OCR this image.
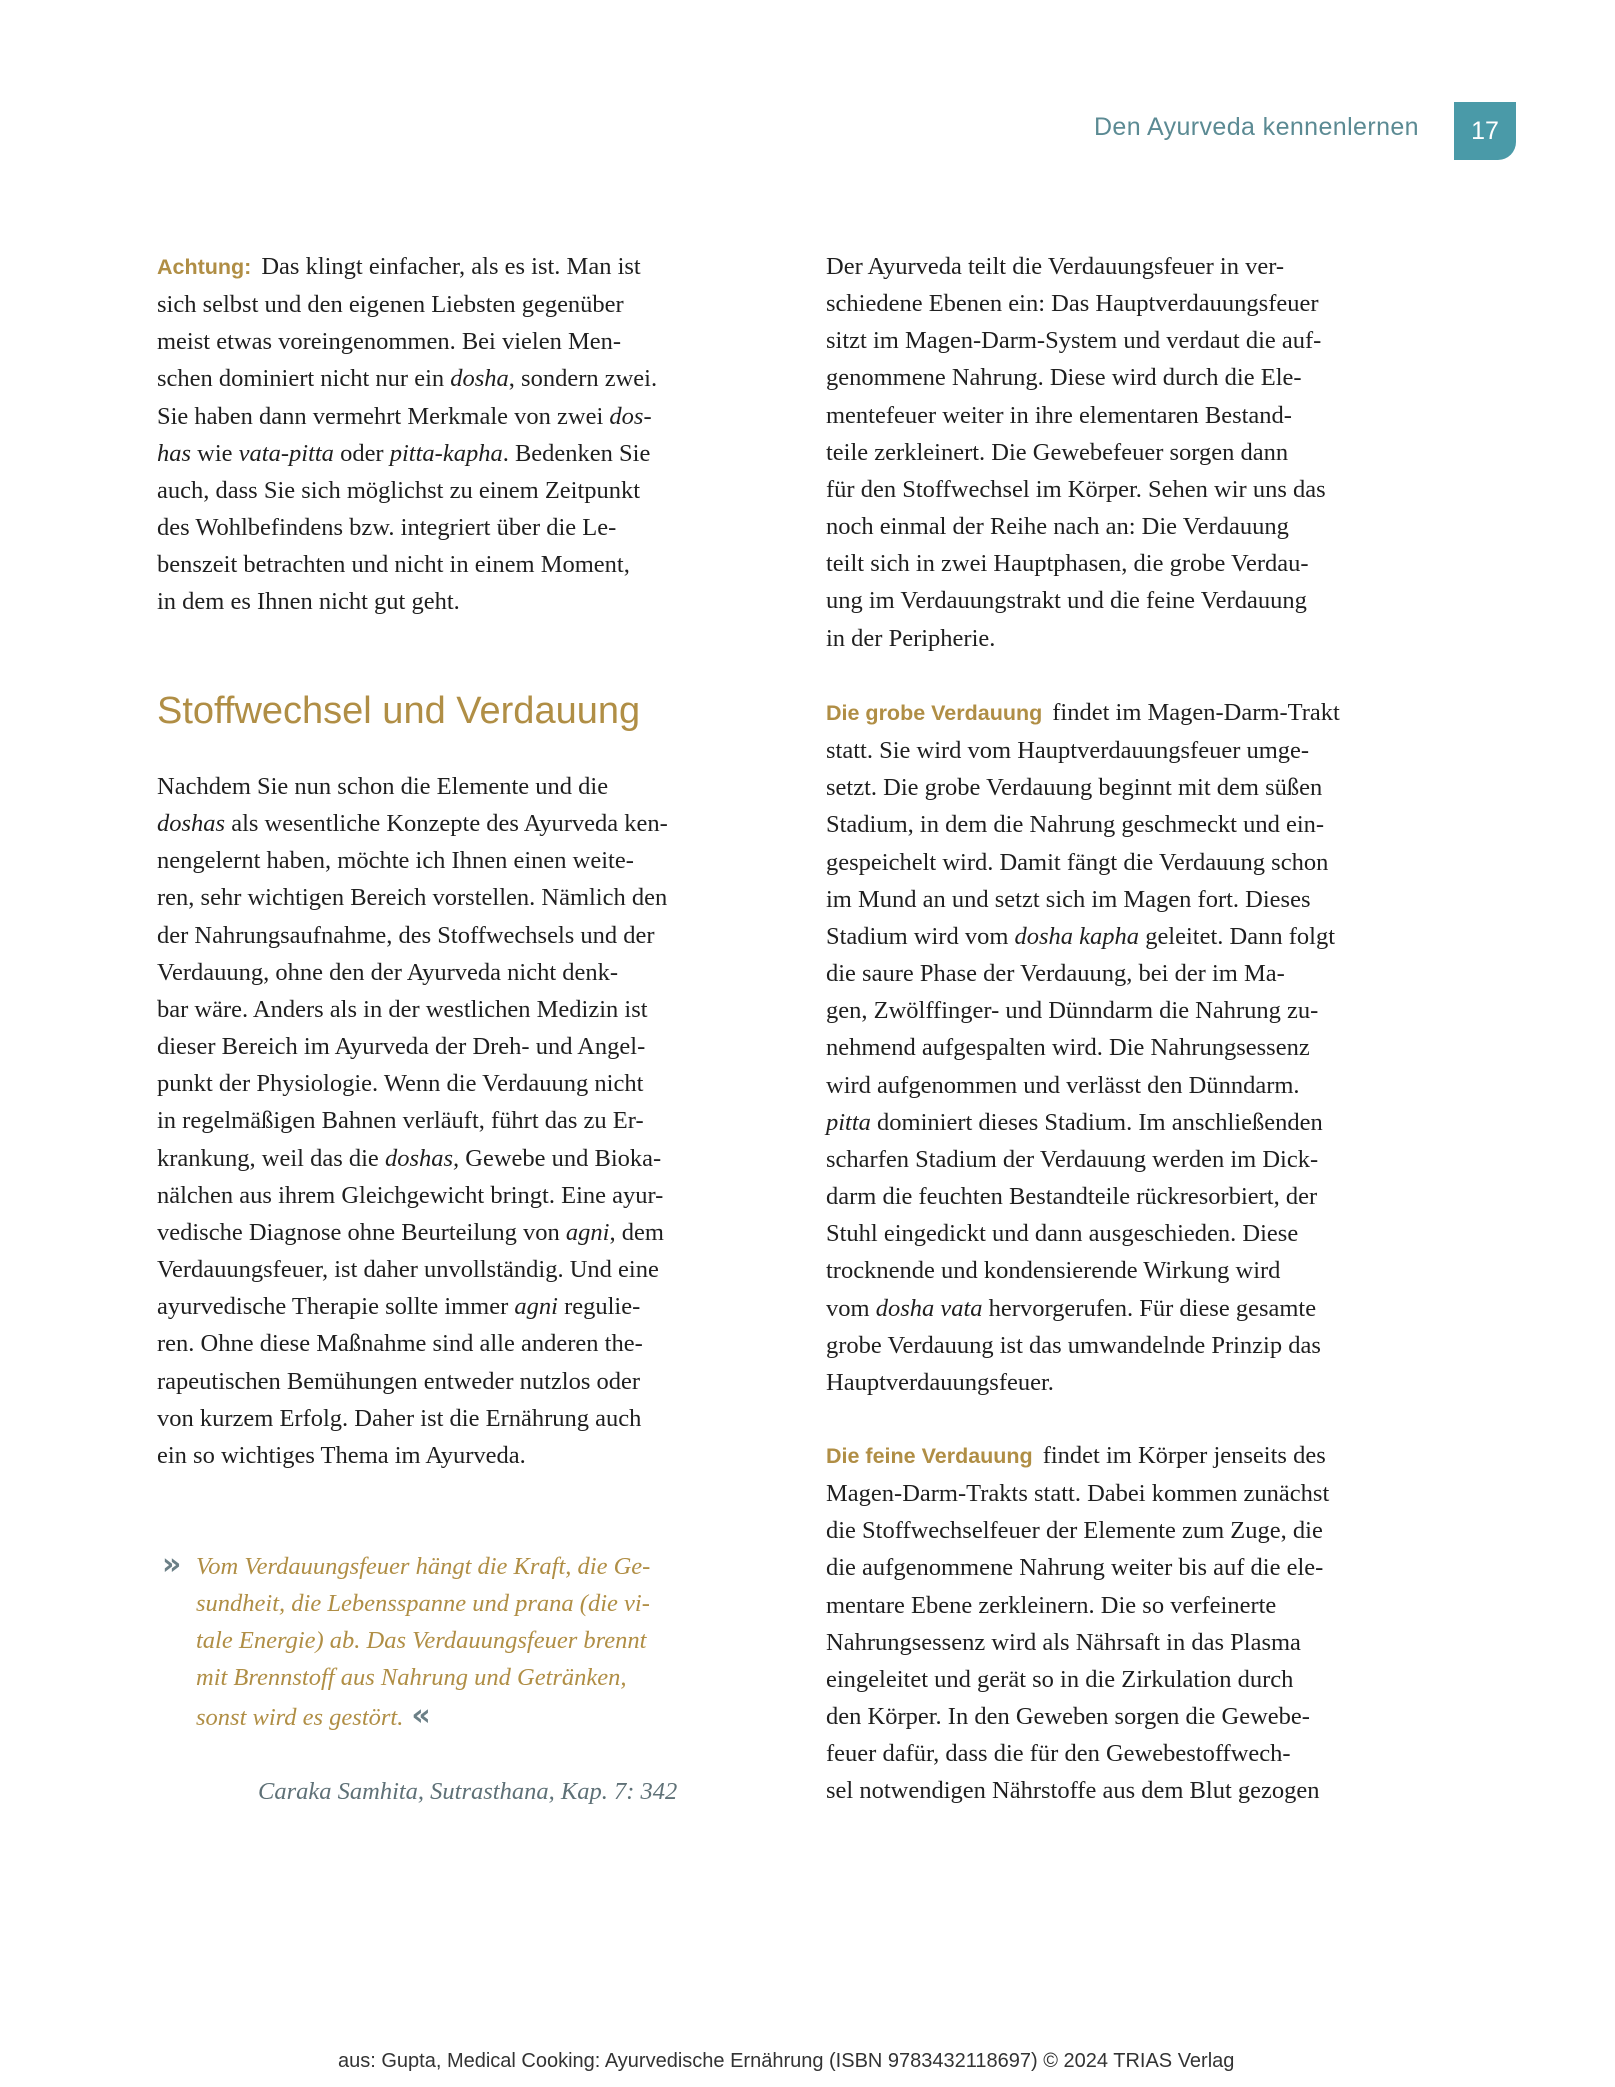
Den Ayurveda kennenlernen 17
Achtung: Das klingt einfacher, als es ist. Man ist
sich selbst und den eigenen Liebsten gegenüber
meist etwas voreingenommen. Bei vielen Men-
schen dominiert nicht nur ein dosha, sondern zwei.
Sie haben dann vermehrt Merkmale von zwei dos-
has wie vata-pitta oder pitta-kapha. Bedenken Sie
auch, dass Sie sich möglichst zu einem Zeitpunkt
des Wohlbefindens bzw. integriert über die Le-
benszeit betrachten und nicht in einem Moment,
in dem es Ihnen nicht gut geht.
Stoffwechsel und Verdauung
Nachdem Sie nun schon die Elemente und die
doshas als wesentliche Konzepte des Ayurveda ken-
nengelernt haben, möchte ich Ihnen einen weite-
ren, sehr wichtigen Bereich vorstellen. Nämlich den
der Nahrungsaufnahme, des Stoffwechsels und der
Verdauung, ohne den der Ayurveda nicht denk-
bar wäre. Anders als in der westlichen Medizin ist
dieser Bereich im Ayurveda der Dreh- und Angel-
punkt der Physiologie. Wenn die Verdauung nicht
in regelmäßigen Bahnen verläuft, führt das zu Er-
krankung, weil das die doshas, Gewebe und Bioka-
nälchen aus ihrem Gleichgewicht bringt. Eine ayur-
vedische Diagnose ohne Beurteilung von agni, dem
Verdauungsfeuer, ist daher unvollständig. Und eine
ayurvedische Therapie sollte immer agni regulie-
ren. Ohne diese Maßnahme sind alle anderen the-
rapeutischen Bemühungen entweder nutzlos oder
von kurzem Erfolg. Daher ist die Ernährung auch
ein so wichtiges Thema im Ayurveda.
» Vom Verdauungsfeuer hängt die Kraft, die Ge-
sundheit, die Lebensspanne und prana (die vi-
tale Energie) ab. Das Verdauungsfeuer brennt
mit Brennstoff aus Nahrung und Getränken,
sonst wird es gestört. «
Caraka Samhita, Sutrasthana, Kap. 7: 342
Der Ayurveda teilt die Verdauungsfeuer in ver-
schiedene Ebenen ein: Das Hauptverdauungsfeuer
sitzt im Magen-Darm-System und verdaut die auf-
genommene Nahrung. Diese wird durch die Ele-
mentefeuer weiter in ihre elementaren Bestand-
teile zerkleinert. Die Gewebefeuer sorgen dann
für den Stoffwechsel im Körper. Sehen wir uns das
noch einmal der Reihe nach an: Die Verdauung
teilt sich in zwei Hauptphasen, die grobe Verdau-
ung im Verdauungstrakt und die feine Verdauung
in der Peripherie.
Die grobe Verdauung findet im Magen-Darm-Trakt
statt. Sie wird vom Hauptverdauungsfeuer umge-
setzt. Die grobe Verdauung beginnt mit dem süßen
Stadium, in dem die Nahrung geschmeckt und ein-
gespeichelt wird. Damit fängt die Verdauung schon
im Mund an und setzt sich im Magen fort. Dieses
Stadium wird vom dosha kapha geleitet. Dann folgt
die saure Phase der Verdauung, bei der im Ma-
gen, Zwölffinger- und Dünndarm die Nahrung zu-
nehmend aufgespalten wird. Die Nahrungsessenz
wird aufgenommen und verlässt den Dünndarm.
pitta dominiert dieses Stadium. Im anschließenden
scharfen Stadium der Verdauung werden im Dick-
darm die feuchten Bestandteile rückresorbiert, der
Stuhl eingedickt und dann ausgeschieden. Diese
trocknende und kondensierende Wirkung wird
vom dosha vata hervorgerufen. Für diese gesamte
grobe Verdauung ist das umwandelnde Prinzip das
Hauptverdauungsfeuer.
Die feine Verdauung findet im Körper jenseits des
Magen-Darm-Trakts statt. Dabei kommen zunächst
die Stoffwechselfeuer der Elemente zum Zuge, die
die aufgenommene Nahrung weiter bis auf die ele-
mentare Ebene zerkleinern. Die so verfeinerte
Nahrungsessenz wird als Nährsaft in das Plasma
eingeleitet und gerät so in die Zirkulation durch
den Körper. In den Geweben sorgen die Gewebe-
feuer dafür, dass die für den Gewebestoffwech-
sel notwendigen Nährstoffe aus dem Blut gezogen
aus: Gupta, Medical Cooking: Ayurvedische Ernährung (ISBN 9783432118697) © 2024 TRIAS Verlag
